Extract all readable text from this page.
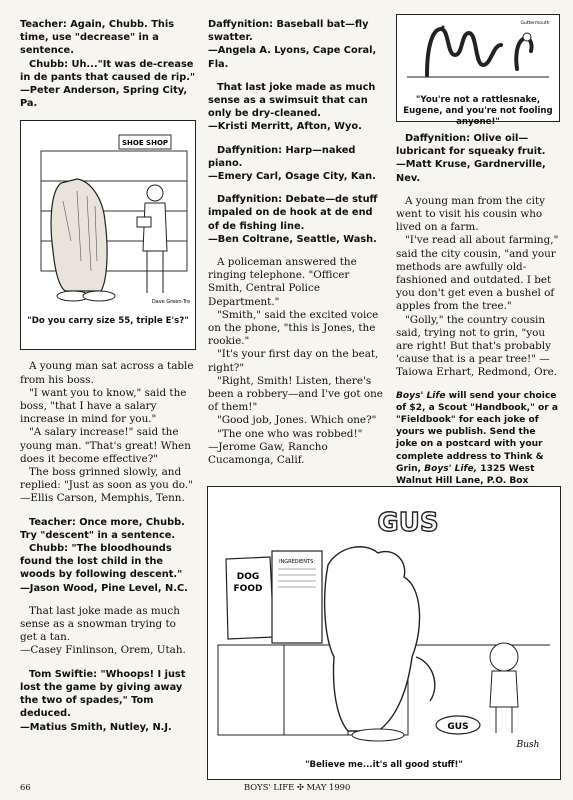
Teacher: Again, Chubb. This time, use "decrease" in a sentence.

Chubb: Uh..."It was de-crease in de pants that caused de rip."

—Peter Anderson, Spring City, Pa.

SHOE SHOP
Dave Green-Tre
"Do you carry size 55, triple E's?"

A young man sat across a table from his boss.

"I want you to know," said the boss, "that I have a salary increase in mind for you."

"A salary increase!" said the young man. "That's great! When does it become effective?"

The boss grinned slowly, and replied: "Just as soon as you do."

—Ellis Carson, Memphis, Tenn.

Teacher: Once more, Chubb. Try "descent" in a sentence.

Chubb: "The bloodhounds found the lost child in the woods by following descent."

—Jason Wood, Pine Level, N.C.

That last joke made as much sense as a snowman trying to get a tan.

—Casey Finlinson, Orem, Utah.

Tom Swiftie: "Whoops! I just lost the game by giving away the two of spades," Tom deduced.

—Matius Smith, Nutley, N.J.

Daffynition: Baseball bat—fly swatter.

—Angela A. Lyons, Cape Coral, Fla.

That last joke made as much sense as a swimsuit that can only be dry-cleaned.

—Kristi Merritt, Afton, Wyo.

Daffynition: Harp—naked piano.

—Emery Carl, Osage City, Kan.

Daffynition: Debate—de stuff impaled on de hook at de end of de fishing line.

—Ben Coltrane, Seattle, Wash.

A policeman answered the ringing telephone. "Officer Smith, Central Police Department."

"Smith," said the excited voice on the phone, "this is Jones, the rookie."

"It's your first day on the beat, right?"

"Right, Smith! Listen, there's been a robbery—and I've got one of them!"

"Good job, Jones. Which one?"

"The one who was robbed!"

—Jerome Gaw, Rancho Cucamonga, Calif.

Guttermouth
"You're not a rattlesnake, Eugene, and you're not fooling anyone!"

Daffynition: Olive oil—lubricant for squeaky fruit.

—Matt Kruse, Gardnerville, Nev.

A young man from the city went to visit his cousin who lived on a farm.

"I've read all about farming," said the city cousin, "and your methods are awfully old-fashioned and outdated. I bet you don't get even a bushel of apples from the tree."

"Golly," the country cousin said, trying not to grin, "you are right! But that's probably 'cause that is a pear tree!" — Taiowa Erhart, Redmond, Ore.

Boys' Life will send your choice of $2, a Scout "Handbook," or a "Fieldbook" for each joke of yours we publish. Send the joke on a postcard with your complete address to Think & Grin, Boys' Life, 1325 West Walnut Hill Lane, P.O. Box
GUS
DOG
FOOD
INGREDIENTS:
GUS
Bush
"Believe me...it's all good stuff!"
66	BOYS' LIFE ✣ MAY 1990
